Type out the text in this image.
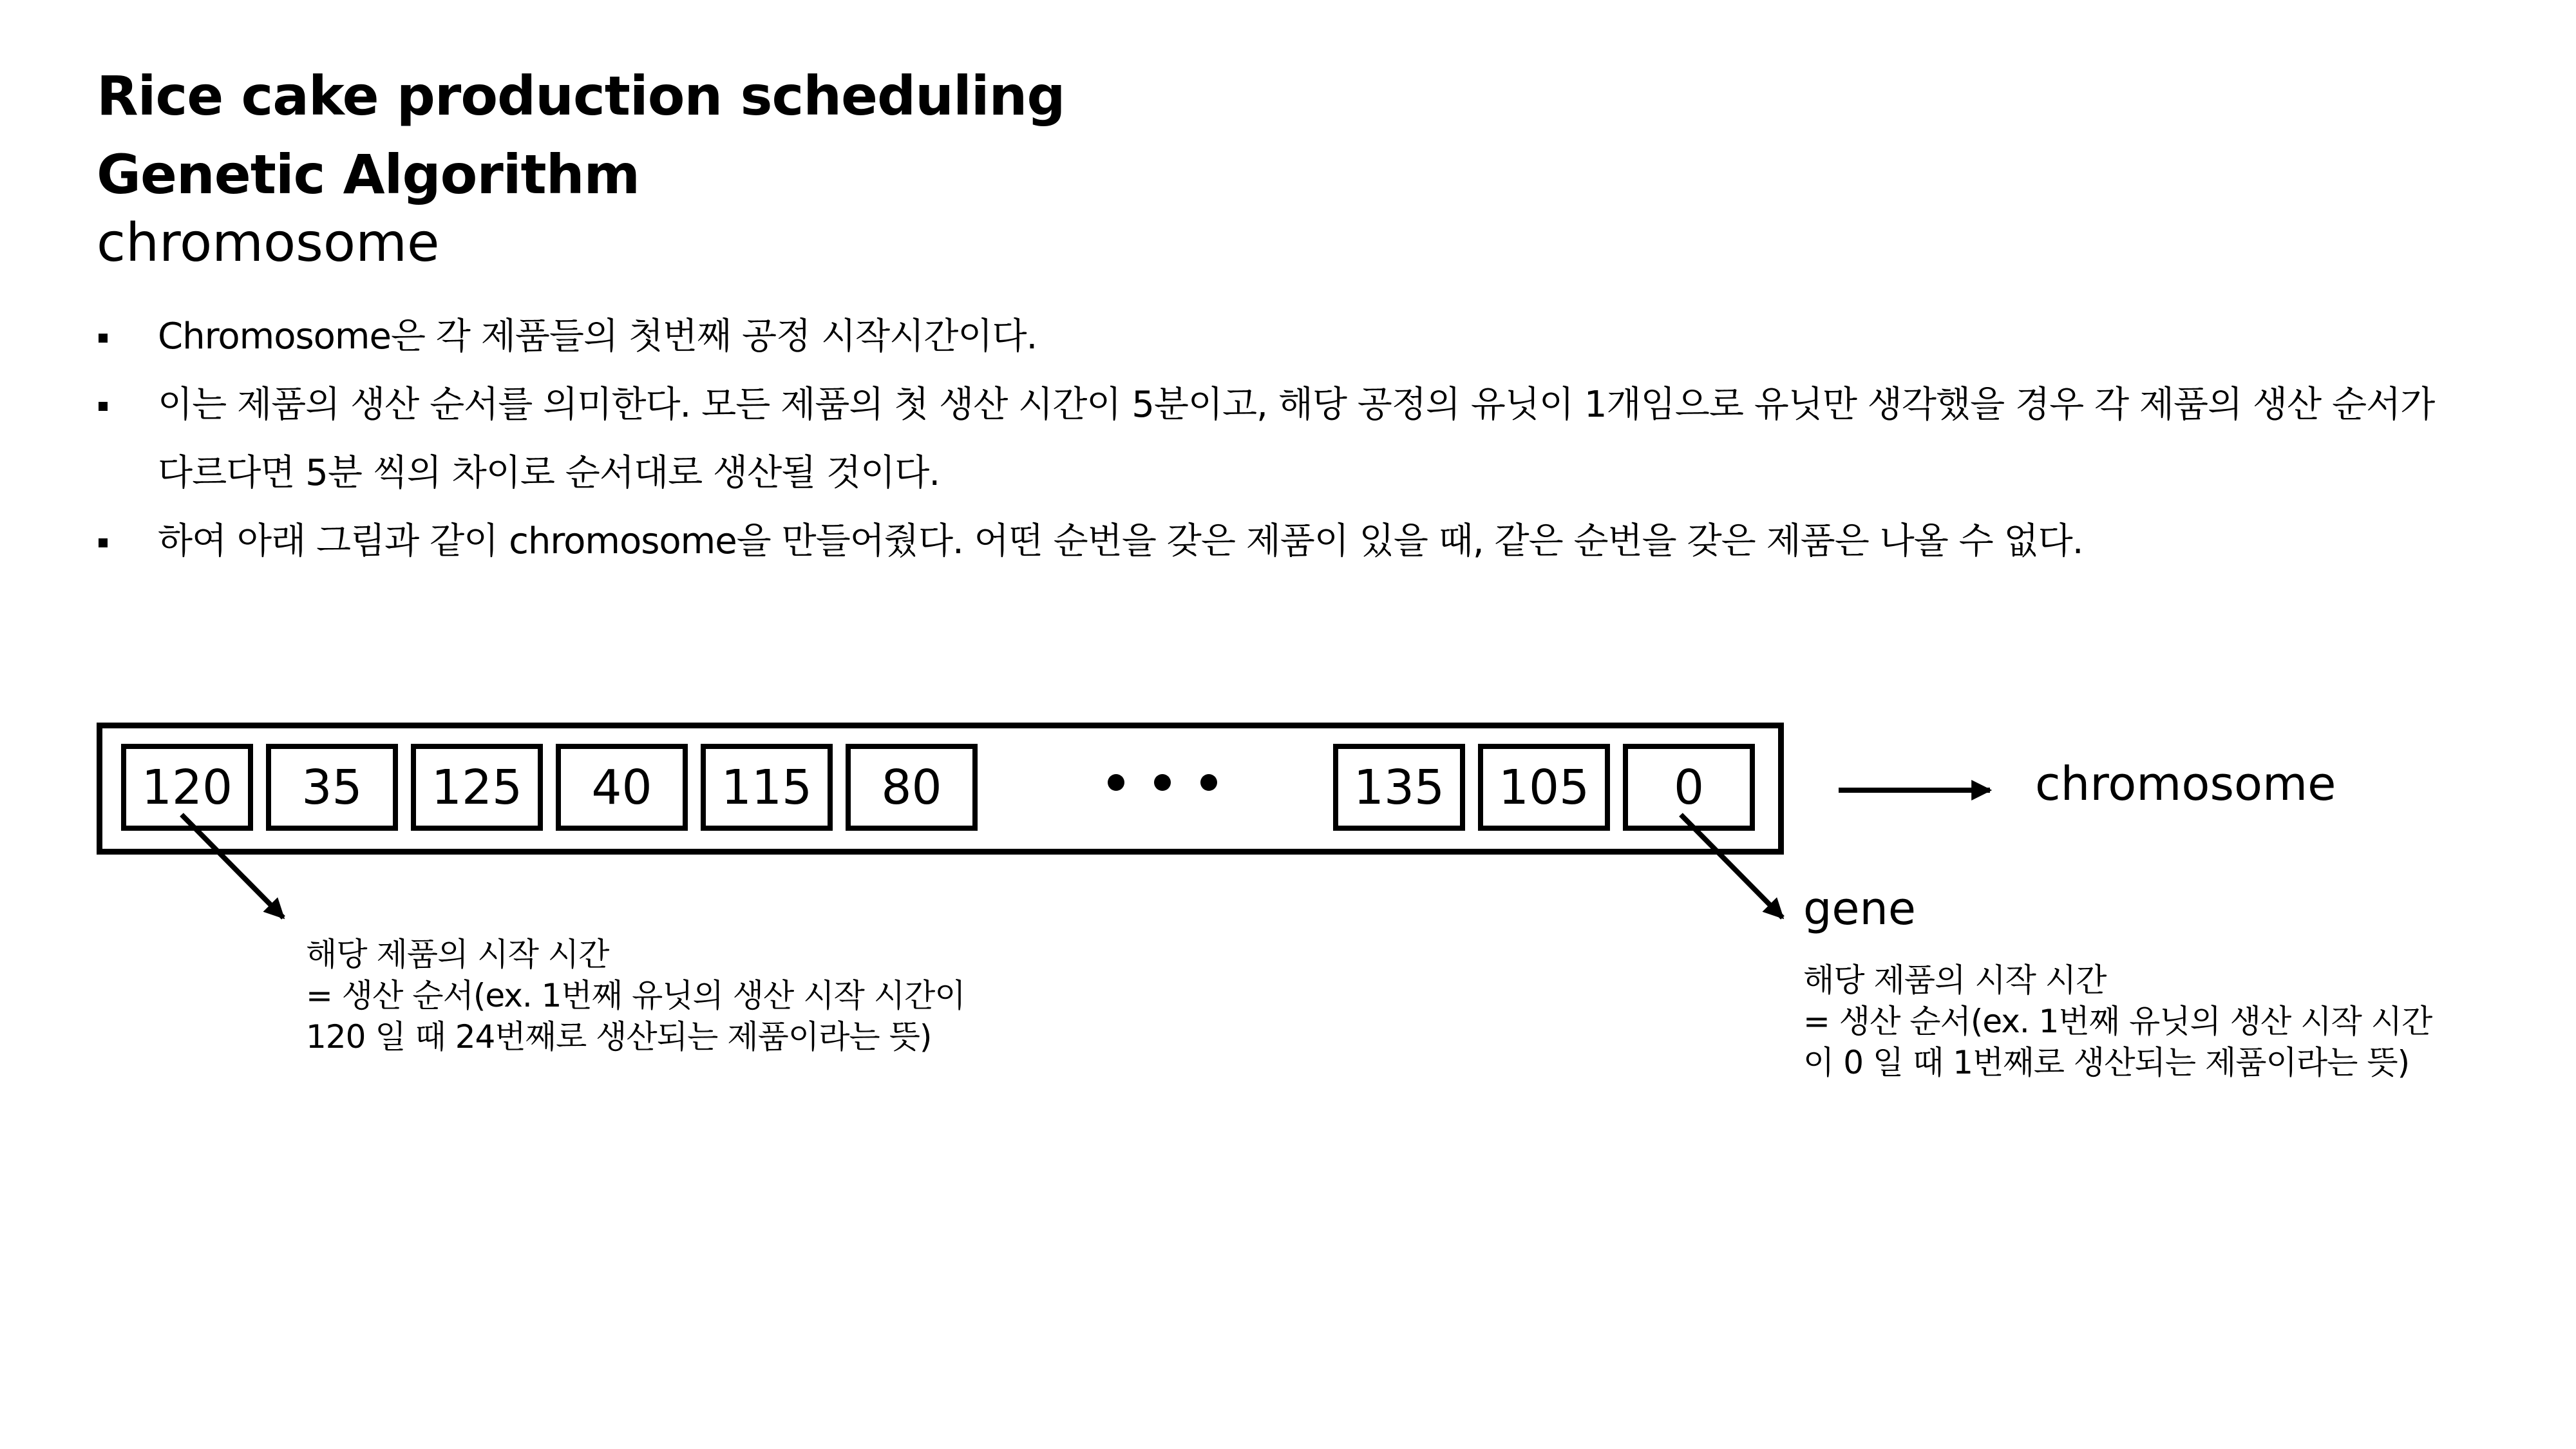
Rice cake production scheduling
Genetic Algorithm
chromosome
Chromosome은 각 제품들의 첫번째 공정 시작시간이다.
이는 제품의 생산 순서를 의미한다. 모든 제품의 첫 생산 시간이 5분이고, 해당 공정의 유닛이 1개임으로 유닛만 생각했을 경우 각 제품의 생산 순서가 다르다면 5분 씩의 차이로 순서대로 생산될 것이다.
하여 아래 그림과 같이 chromosome을 만들어줬다. 어떤 순번을 갖은 제품이 있을 때, 같은 순번을 갖은 제품은 나올 수 없다.
120	35	125	40	115	80	135	105	0	chromosome
gene
해당 제품의 시작 시간
= 생산 순서(ex. 1번째 유닛의 생산 시작 시간이
120 일 때 24번째로 생산되는 제품이라는 뜻)
해당 제품의 시작 시간
= 생산 순서(ex. 1번째 유닛의 생산 시작 시간
이 0 일 때 1번째로 생산되는 제품이라는 뜻)
